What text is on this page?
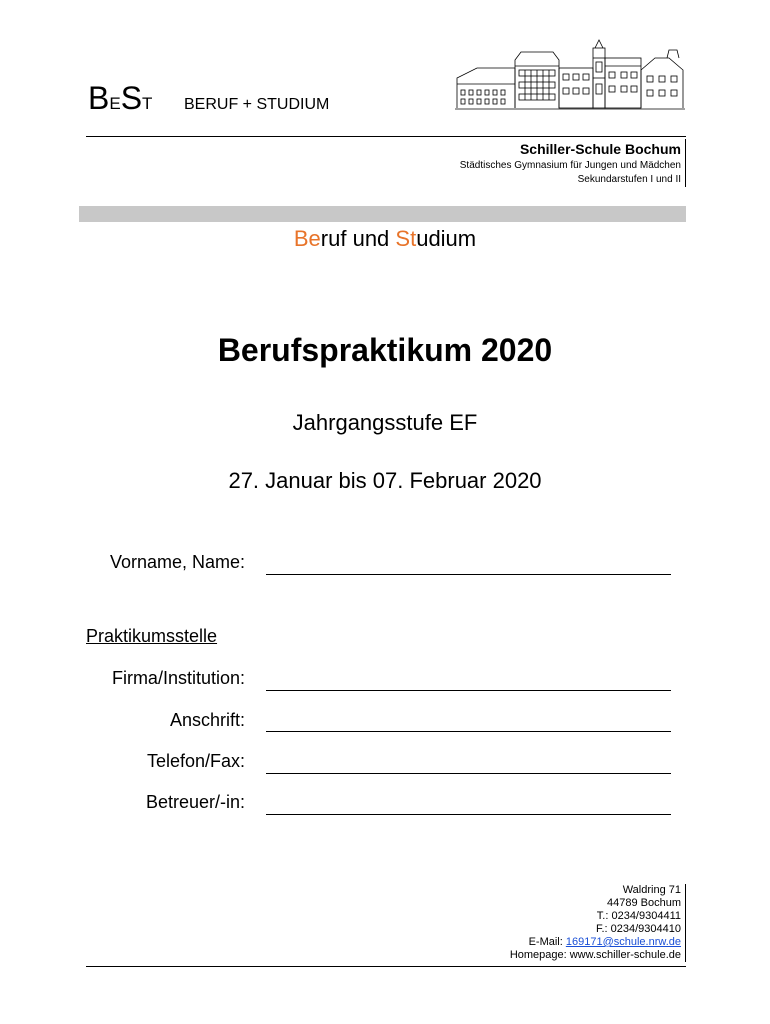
BEST BERUF + STUDIUM
Schiller-Schule Bochum
Städtisches Gymnasium für Jungen und Mädchen
Sekundarstufen I und II
Beruf und Studium
Berufspraktikum 2020
Jahrgangsstufe EF
27. Januar bis 07. Februar 2020
Vorname, Name:
Praktikumsstelle
Firma/Institution:
Anschrift:
Telefon/Fax:
Betreuer/-in:
Waldring 71
44789 Bochum
T.: 0234/9304411
F.: 0234/9304410
E-Mail: 169171@schule.nrw.de
Homepage: www.schiller-schule.de
